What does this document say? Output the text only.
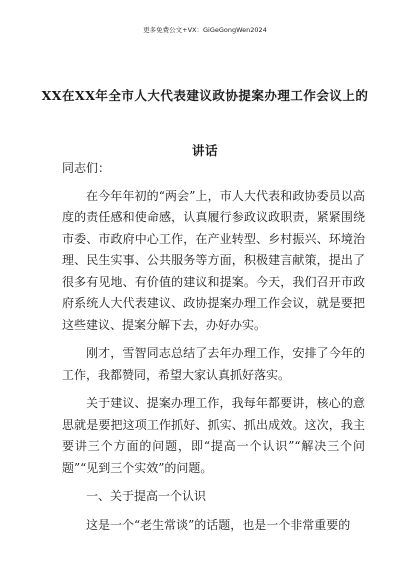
更多免费公文+VX：GiGeGongWen2024
XX在XX年全市人大代表建议政协提案办理工作会议上的讲话

同志们：

在今年年初的“两会”上，市人大代表和政协委员以高度的责任感和使命感，认真履行参政议政职责，紧紧围绕市委、市政府中心工作，在产业转型、乡村振兴、环境治理、民生实事、公共服务等方面，积极建言献策，提出了很多有见地、有价值的建议和提案。今天，我们召开市政府系统人大代表建议、政协提案办理工作会议，就是要把这些建议、提案分解下去，办好办实。

刚才，雪智同志总结了去年办理工作，安排了今年的工作，我都赞同，希望大家认真抓好落实。

关于建议、提案办理工作，我每年都要讲，核心的意思就是要把这项工作抓好、抓实、抓出成效。这次，我主要讲三个方面的问题，即“提高一个认识”“解决三个问题”“见到三个实效”的问题。

一、关于提高一个认识

这是一个“老生常谈”的话题，也是一个非常重要的
